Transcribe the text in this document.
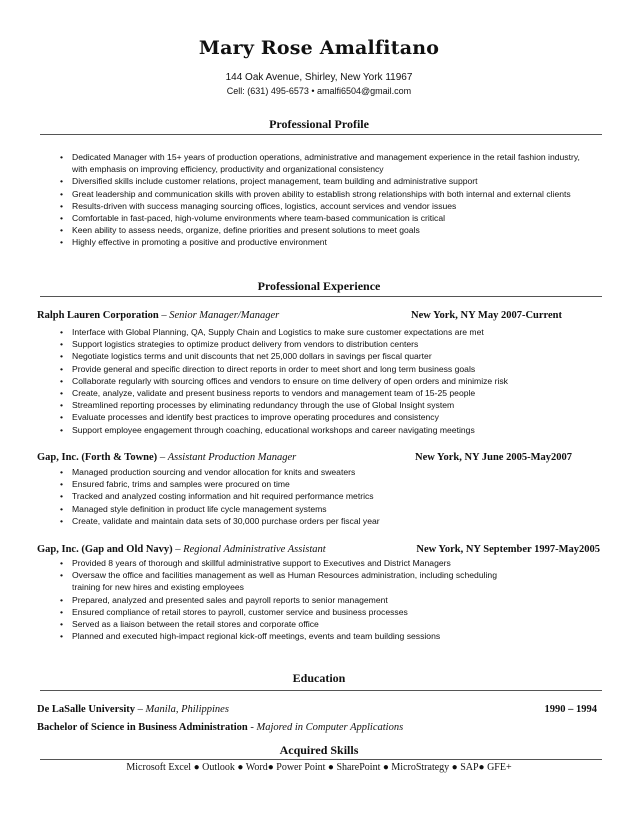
Mary Rose Amalfitano
144 Oak Avenue, Shirley, New York 11967
Cell: (631) 495-6573 • amalfi6504@gmail.com
Professional Profile
• Dedicated Manager with 15+ years of production operations, administrative and management experience in the retail fashion industry, with emphasis on improving efficiency, productivity and organizational consistency
• Diversified skills include customer relations, project management, team building and administrative support
• Great leadership and communication skills with proven ability to establish strong relationships with both internal and external clients
• Results-driven with success managing sourcing offices, logistics, account services and vendor issues
• Comfortable in fast-paced, high-volume environments where team-based communication is critical
• Keen ability to assess needs, organize, define priorities and present solutions to meet goals
• Highly effective in promoting a positive and productive environment
Professional Experience
Ralph Lauren Corporation – Senior Manager/Manager	New York, NY May 2007-Current
• Interface with Global Planning, QA, Supply Chain and Logistics to make sure customer expectations are met
• Support logistics strategies to optimize product delivery from vendors to distribution centers
• Negotiate logistics terms and unit discounts that net 25,000 dollars in savings per fiscal quarter
• Provide general and specific direction to direct reports in order to meet short and long term business goals
• Collaborate regularly with sourcing offices and vendors to ensure on time delivery of open orders and minimize risk
• Create, analyze, validate and present business reports to vendors and management team of 15-25 people
• Streamlined reporting processes by eliminating redundancy through the use of Global Insight system
• Evaluate processes and identify best practices to improve operating procedures and consistency
• Support employee engagement through coaching, educational workshops and career navigating meetings
Gap, Inc. (Forth & Towne) – Assistant Production Manager	New York, NY June 2005-May2007
• Managed production sourcing and vendor allocation for knits and sweaters
• Ensured fabric, trims and samples were procured on time
• Tracked and analyzed costing information and hit required performance metrics
• Managed style definition in product life cycle management systems
• Create, validate and maintain data sets of 30,000 purchase orders per fiscal year
Gap, Inc. (Gap and Old Navy) – Regional Administrative Assistant	New York, NY September 1997-May2005
• Provided 8 years of thorough and skillful administrative support to Executives and District Managers
• Oversaw the office and facilities management as well as Human Resources administration, including scheduling training for new hires and existing employees
• Prepared, analyzed and presented sales and payroll reports to senior management
• Ensured compliance of retail stores to payroll, customer service and business processes
• Served as a liaison between the retail stores and corporate office
• Planned and executed high-impact regional kick-off meetings, events and team building sessions
Education
De LaSalle University – Manila, Philippines	1990 – 1994
Bachelor of Science in Business Administration - Majored in Computer Applications
Acquired Skills
Microsoft Excel ● Outlook ● Word● Power Point ● SharePoint ● MicroStrategy ● SAP● GFE+
